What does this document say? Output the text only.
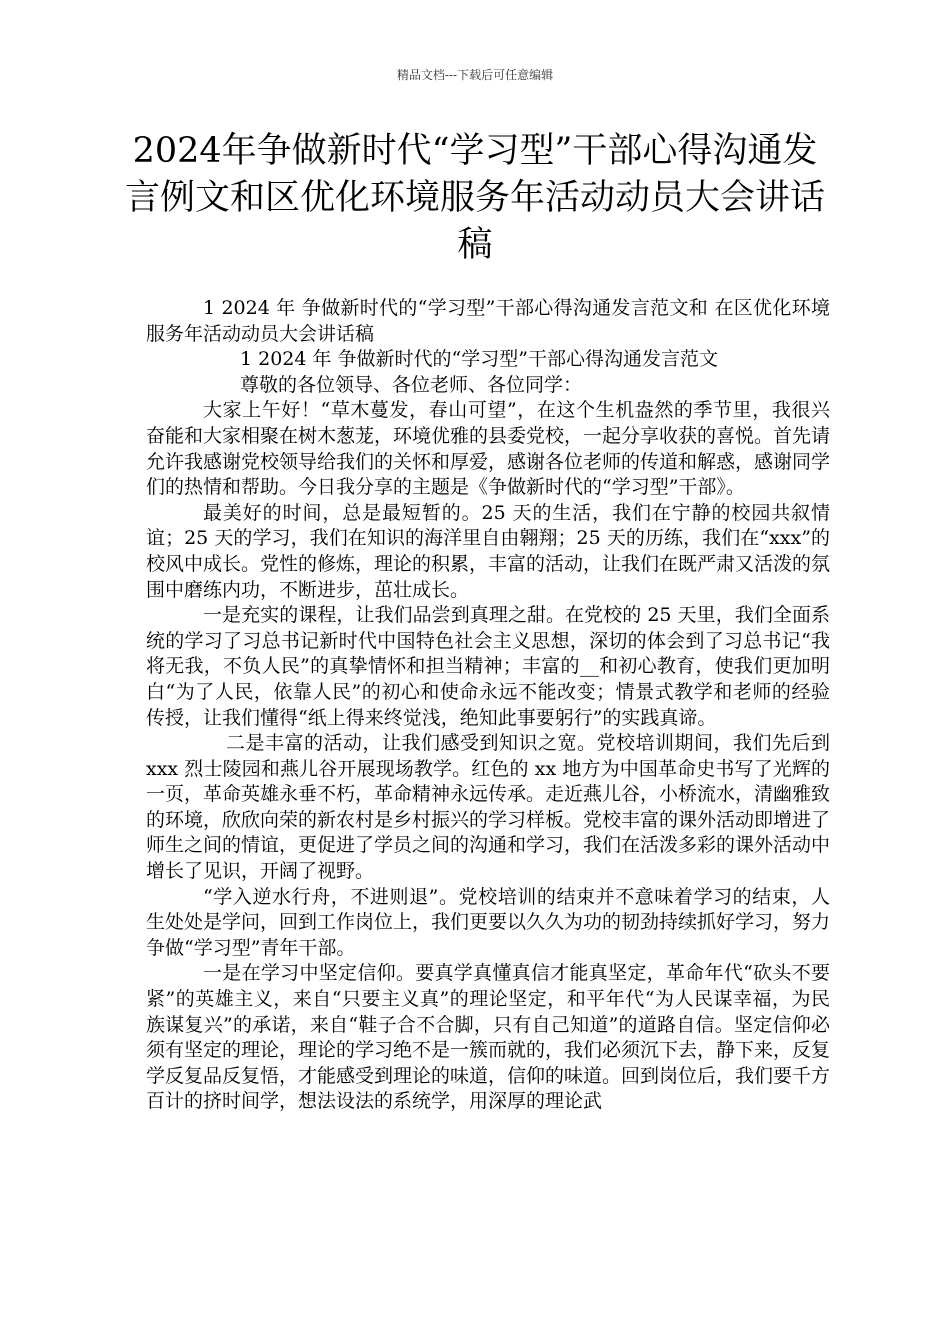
精品文档---下载后可任意编辑
2024年争做新时代“学习型”干部心得沟通发言例文和区优化环境服务年活动动员大会讲话稿

1 2024 年 争做新时代的“学习型”干部心得沟通发言范文和 在区优化环境服务年活动动员大会讲话稿

1 2024 年 争做新时代的“学习型”干部心得沟通发言范文

尊敬的各位领导、各位老师、各位同学：

大家上午好！“草木蔓发，春山可望”，在这个生机盎然的季节里，我很兴奋能和大家相聚在树木葱茏，环境优雅的县委党校，一起分享收获的喜悦。首先请允许我感谢党校领导给我们的关怀和厚爱，感谢各位老师的传道和解惑，感谢同学们的热情和帮助。今日我分享的主题是《争做新时代的“学习型”干部》。

最美好的时间，总是最短暂的。25 天的生活，我们在宁静的校园共叙情谊；25 天的学习，我们在知识的海洋里自由翱翔；25 天的历练，我们在“xxx”的校风中成长。党性的修炼，理论的积累，丰富的活动，让我们在既严肃又活泼的氛围中磨练内功，不断进步，茁壮成长。

一是充实的课程，让我们品尝到真理之甜。在党校的 25 天里，我们全面系统的学习了习总书记新时代中国特色社会主义思想，深切的体会到了习总书记“我将无我，不负人民”的真挚情怀和担当精神；丰富的__和初心教育，使我们更加明白“为了人民，依靠人民”的初心和使命永远不能改变；情景式教学和老师的经验传授，让我们懂得“纸上得来终觉浅，绝知此事要躬行”的实践真谛。

二是丰富的活动，让我们感受到知识之宽。党校培训期间，我们先后到 xxx 烈士陵园和燕儿谷开展现场教学。红色的 xx 地方为中国革命史书写了光辉的一页，革命英雄永垂不朽，革命精神永远传承。走近燕儿谷，小桥流水，清幽雅致的环境，欣欣向荣的新农村是乡村振兴的学习样板。党校丰富的课外活动即增进了师生之间的情谊，更促进了学员之间的沟通和学习，我们在活泼多彩的课外活动中增长了见识，开阔了视野。

“学入逆水行舟，不进则退”。党校培训的结束并不意味着学习的结束，人生处处是学问，回到工作岗位上，我们更要以久久为功的韧劲持续抓好学习，努力争做“学习型”青年干部。

一是在学习中坚定信仰。要真学真懂真信才能真坚定，革命年代“砍头不要紧”的英雄主义，来自“只要主义真”的理论坚定，和平年代“为人民谋幸福，为民族谋复兴”的承诺，来自“鞋子合不合脚，只有自己知道”的道路自信。坚定信仰必须有坚定的理论，理论的学习绝不是一簇而就的，我们必须沉下去，静下来，反复学反复品反复悟，才能感受到理论的味道，信仰的味道。回到岗位后，我们要千方百计的挤时间学，想法设法的系统学，用深厚的理论武
